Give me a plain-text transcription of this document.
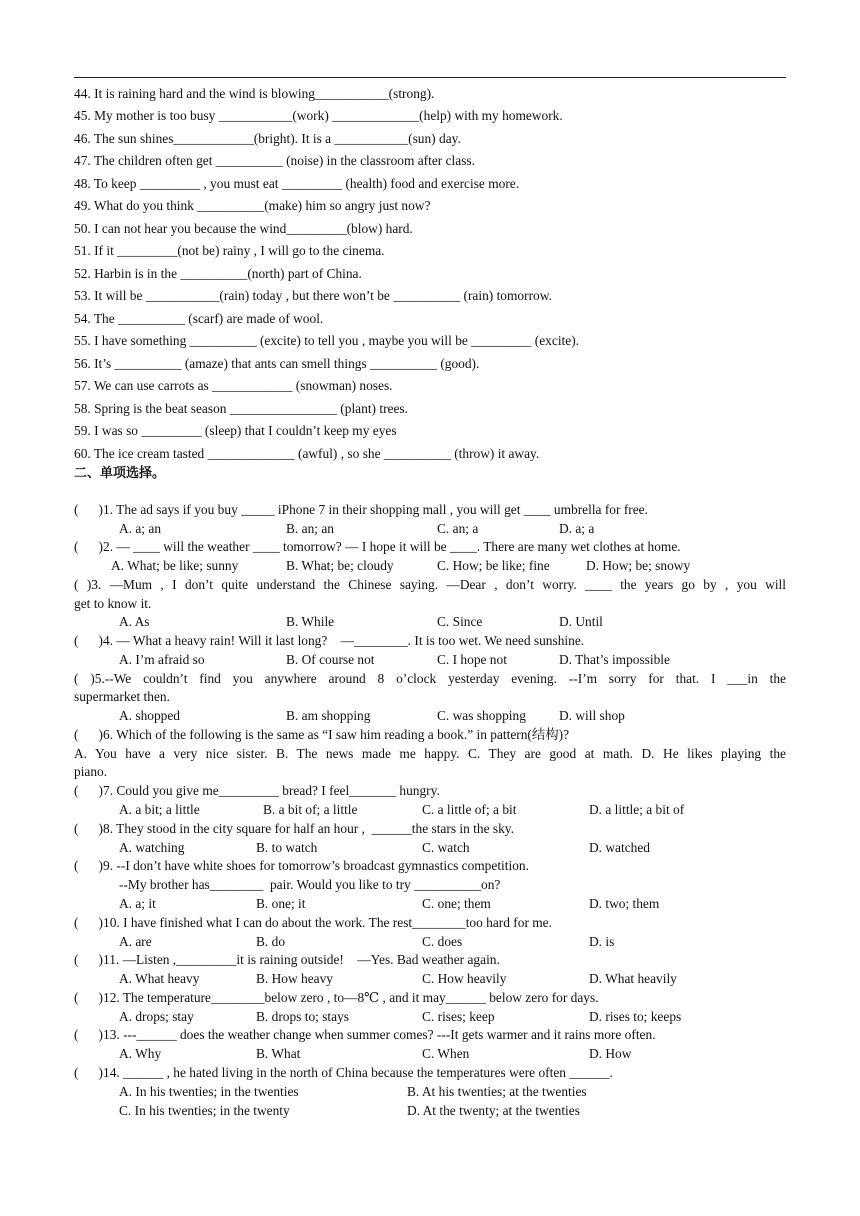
44. It is raining hard and the wind is blowing___________(strong).
45. My mother is too busy ___________(work) _____________(help) with my homework.
46. The sun shines____________(bright). It is a ___________(sun) day.
47. The children often get __________ (noise) in the classroom after class.
48. To keep _________ , you must eat _________ (health) food and exercise more.
49. What do you think __________(make) him so angry just now?
50. I can not hear you because the wind_________(blow) hard.
51. If it _________(not be) rainy , I will go to the cinema.
52. Harbin is in the __________(north) part of China.
53. It will be ___________(rain) today , but there won’t be __________ (rain) tomorrow.
54. The __________ (scarf) are made of wool.
55. I have something __________ (excite) to tell you , maybe you will be _________ (excite).
56. It’s __________ (amaze) that ants can smell things __________ (good).
57. We can use carrots as ____________ (snowman) noses.
58. Spring is the beat season ________________ (plant) trees.
59. I was so _________ (sleep) that I couldn’t keep my eyes
60. The ice cream tasted _____________ (awful) , so she __________ (throw) it away.
二、单项选择。
(      )1. The ad says if you buy _____ iPhone 7 in their shopping mall , you will get ____ umbrella for free.
A. a; an	B. an; an	C. an; a	D. a; a
(      )2. — ____ will the weather ____ tomorrow? — I hope it will be ____. There are many wet clothes at home.
A. What; be like; sunny	B. What; be; cloudy	C. How; be like; fine	D. How; be; snowy
( )3. —Mum , I don’t quite understand the Chinese saying. —Dear , don’t worry. ____ the years go by , you will
get to know it.
A. As	B. While	C. Since	D. Until
(      )4. — What a heavy rain! Will it last long?    —________. It is too wet. We need sunshine.
A. I’m afraid so	B. Of course not	C. I hope not	D. That’s impossible
( )5.--We couldn’t find you anywhere around 8 o’clock yesterday evening. --I’m sorry for that. I ___in the
supermarket then.
A. shopped	B. am shopping	C. was shopping D. will shop
(      )6. Which of the following is the same as “I saw him reading a book.” in pattern(结构)?
A. You have a very nice sister. B. The news made me happy. C. They are good at math. D. He likes playing the
piano.
(      )7. Could you give me_________ bread? I feel_______ hungry.
A. a bit; a little	B. a bit of; a little	C. a little of; a bit	D. a little; a bit of
(      )8. They stood in the city square for half an hour ,  ______the stars in the sky.
A. watching	B. to watch	C. watch	D. watched
(      )9. --I don’t have white shoes for tomorrow’s broadcast gymnastics competition.
--My brother has________  pair. Would you like to try __________on?
A. a; it	B. one; it	C. one; them	D. two; them
(      )10. I have finished what I can do about the work. The rest________too hard for me.
A. are	B. do	C. does	D. is
(      )11. —Listen ,_________it is raining outside!    —Yes. Bad weather again.
A. What heavy	B. How heavy	C. How heavily	D. What heavily
(      )12. The temperature________below zero , to—8℃ , and it may______ below zero for days.
A. drops; stay	B. drops to; stays	C. rises; keep	D. rises to; keeps
(      )13. ---______ does the weather change when summer comes? ---It gets warmer and it rains more often.
A. Why	B. What	C. When	D. How
(      )14. ______ , he hated living in the north of China because the temperatures were often ______.
A. In his twenties; in the twenties	B. At his twenties; at the twenties
C. In his twenties; in the twenty	D. At the twenty; at the twenties
